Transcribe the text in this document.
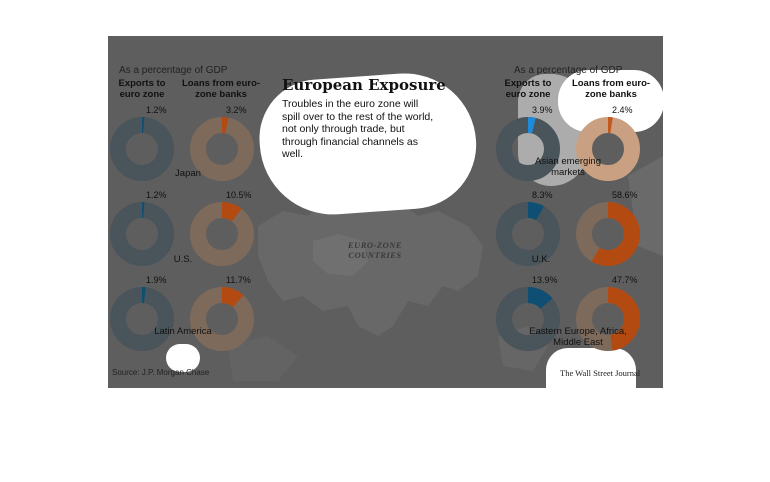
As a percentage of GDP
Exports to euro zone
Loans from euro-zone banks
As a percentage of GDP
Exports to euro zone
Loans from euro-zone banks
European Exposure
Troubles in the euro zone will spill over to the rest of the world, not only through trade, but through financial channels as well.
EURO-ZONE COUNTRIES
Source: J.P. Morgan Chase	The Wall Street Journal
1.2%	3.2%
Japan
1.2%	10.5%
U.S.
1.9%	11.7%
Latin America
3.9%	2.4%
Asian emerging markets
8.3%	58.6%
U.K.
13.9%	47.7%
Eastern Europe, Africa, Middle East
